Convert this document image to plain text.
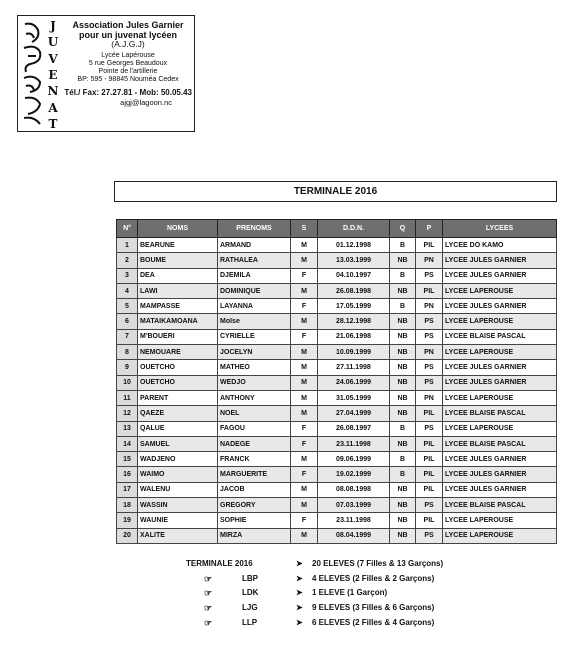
J
U
V
E
N
A
T
Association Jules Garnier
pour un juvenat lycéen
(A.J.G.J)
Lycée Lapérouse
5 rue Georges Beaudoux
Pointe de l'artillerie
BP: 595 - 98845 Nouméa Cedex
Tél./ Fax: 27.27.81 - Mob: 50.05.43
ajgj@lagoon.nc
TERMINALE 2016
N°	NOMS	PRENOMS	S	D.D.N.	Q	P	LYCEES
1	BEARUNE	ARMAND	M	01.12.1998	B	PIL	LYCEE DO KAMO
2	BOUME	RATHALEA	M	13.03.1999	NB	PN	LYCEE JULES GARNIER
3	DEA	DJEMILA	F	04.10.1997	B	PS	LYCEE JULES GARNIER
4	LAWI	DOMINIQUE	M	26.08.1998	NB	PIL	LYCEE LAPEROUSE
5	MAMPASSE	LAYANNA	F	17.05.1999	B	PN	LYCEE JULES GARNIER
6	MATAIKAMOANA	Moïse	M	28.12.1998	NB	PS	LYCEE LAPEROUSE
7	M'BOUERI	CYRIELLE	F	21.06.1998	NB	PS	LYCEE BLAISE PASCAL
8	NEMOUARE	JOCELYN	M	10.09.1999	NB	PN	LYCEE LAPEROUSE
9	OUETCHO	MATHEO	M	27.11.1998	NB	PS	LYCEE JULES GARNIER
10	OUETCHO	WEDJO	M	24.06.1999	NB	PS	LYCEE JULES GARNIER
11	PARENT	ANTHONY	M	31.05.1999	NB	PN	LYCEE LAPEROUSE
12	QAEZE	NOEL	M	27.04.1999	NB	PIL	LYCEE BLAISE PASCAL
13	QALUE	FAGOU	F	26.08.1997	B	PS	LYCEE LAPEROUSE
14	SAMUEL	NADEGE	F	23.11.1998	NB	PIL	LYCEE BLAISE PASCAL
15	WADJENO	FRANCK	M	09.06.1999	B	PIL	LYCEE JULES GARNIER
16	WAIMO	MARGUERITE	F	19.02.1999	B	PIL	LYCEE JULES GARNIER
17	WALENU	JACOB	M	08.08.1998	NB	PIL	LYCEE JULES GARNIER
18	WASSIN	GREGORY	M	07.03.1999	NB	PS	LYCEE BLAISE PASCAL
19	WAUNIE	SOPHIE	F	23.11.1998	NB	PIL	LYCEE LAPEROUSE
20	XALITE	MIRZA	M	08.04.1999	NB	PS	LYCEE LAPEROUSE
TERMINALE 2016	➤ 20 ELEVES (7 Filles & 13 Garçons)
☞	LBP	➤ 4 ELEVES (2 Filles & 2 Garçons)
☞	LDK	➤ 1 ELEVE (1 Garçon)
☞	LJG	➤ 9 ELEVES (3 Filles & 6 Garçons)
☞	LLP	➤ 6 ELEVES (2 Filles & 4 Garçons)
